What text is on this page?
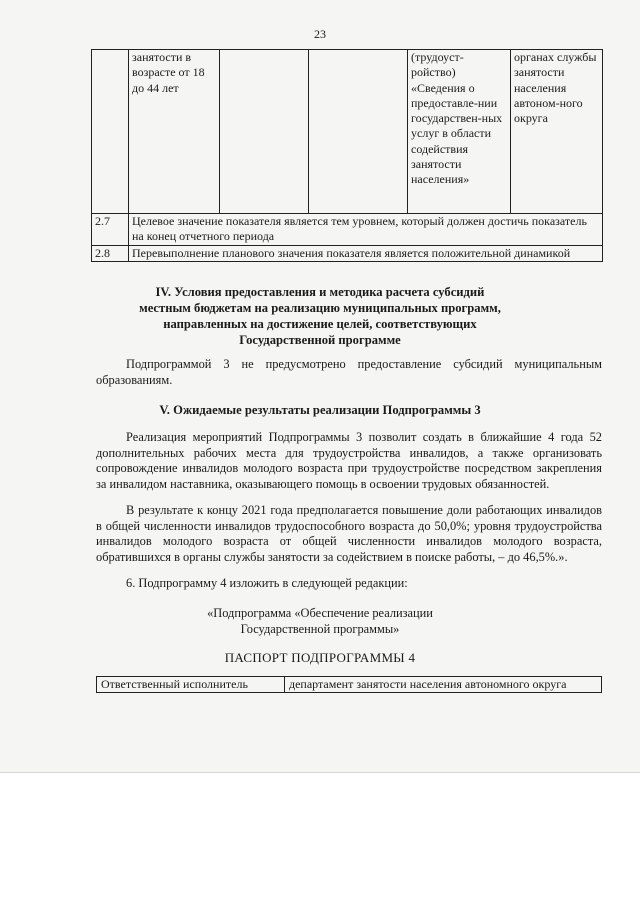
23
	занятости в возрасте от 18 до 44 лет			(трудоуст-ройство) «Сведения о предоставле-нии государствен-ных услуг в области содействия занятости населения»	органах службы занятости населения автоном-ного округа
2.7	Целевое значение показателя является тем уровнем, который должен достичь показатель на конец отчетного периода				
2.8	Перевыполнение планового значения показателя является положительной динамикой				
IV. Условия предоставления и методика расчета субсидий
местным бюджетам на реализацию муниципальных программ,
направленных на достижение целей, соответствующих
Государственной программе

Подпрограммой 3 не предусмотрено предоставление субсидий муниципальным образованиям.

V. Ожидаемые результаты реализации Подпрограммы 3

Реализация мероприятий Подпрограммы 3 позволит создать в ближайшие 4 года 52 дополнительных рабочих места для трудоустройства инвалидов, а также организовать сопровождение инвалидов молодого возраста при трудоустройстве посредством закрепления за инвалидом наставника, оказывающего помощь в освоении трудовых обязанностей.

В результате к концу 2021 года предполагается повышение доли работающих инвалидов в общей численности инвалидов трудоспособного возраста до 50,0%; уровня трудоустройства инвалидов молодого возраста от общей численности инвалидов молодого возраста, обратившихся в органы службы занятости за содействием в поиске работы, – до 46,5%.».

6. Подпрограмму 4 изложить в следующей редакции:

«Подпрограмма «Обеспечение реализации
Государственной программы»
ПАСПОРТ ПОДПРОГРАММЫ 4
Ответственный исполнитель	департамент занятости населения автономного округа
